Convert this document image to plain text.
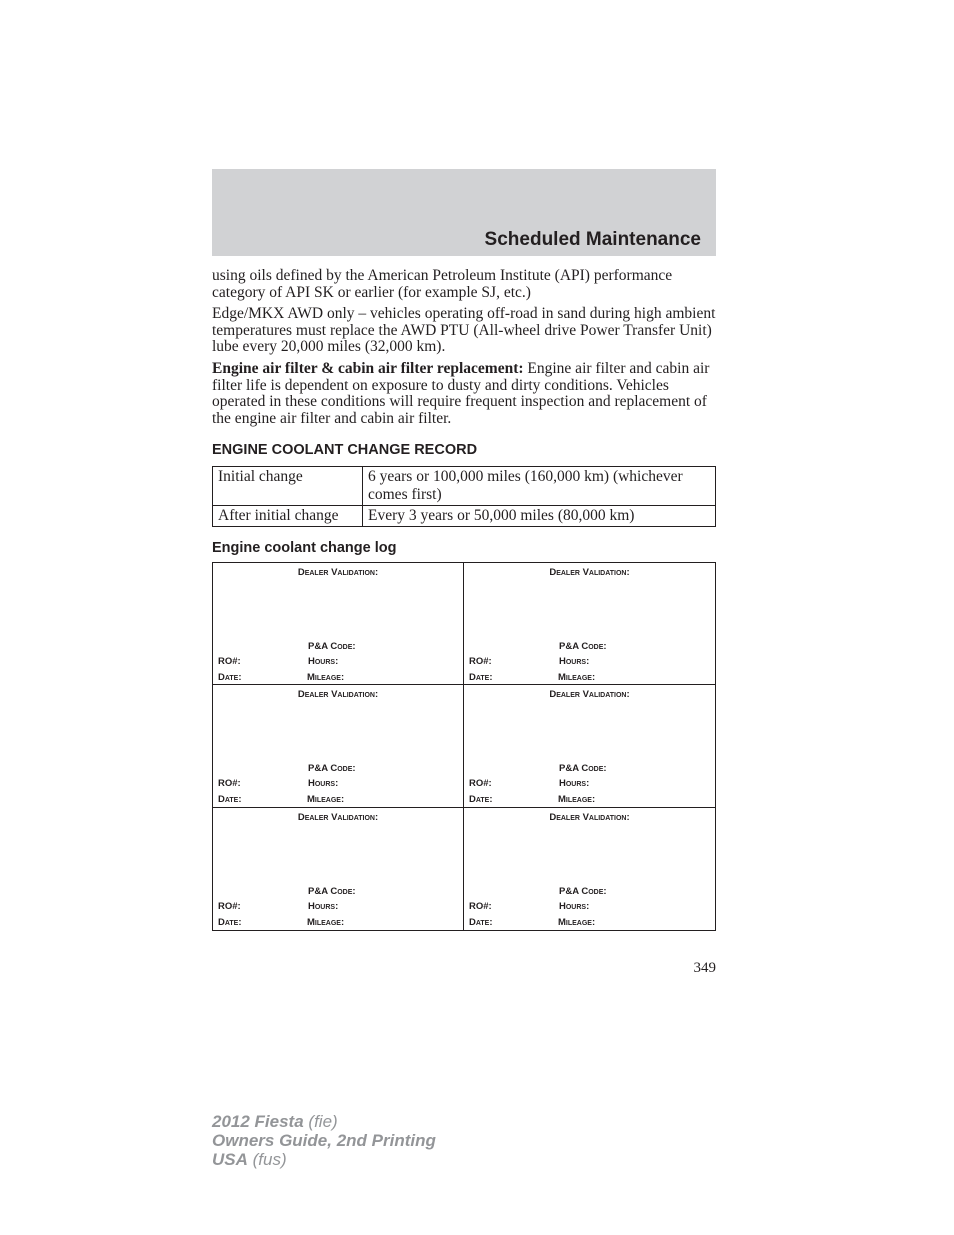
Scheduled Maintenance

using oils defined by the American Petroleum Institute (API) performance category of API SK or earlier (for example SJ, etc.)

Edge/MKX AWD only – vehicles operating off-road in sand during high ambient temperatures must replace the AWD PTU (All-wheel drive Power Transfer Unit) lube every 20,000 miles (32,000 km).

Engine air filter & cabin air filter replacement: Engine air filter and cabin air filter life is dependent on exposure to dusty and dirty conditions. Vehicles operated in these conditions will require frequent inspection and replacement of the engine air filter and cabin air filter.

ENGINE COOLANT CHANGE RECORD
Initial change	6 years or 100,000 miles (160,000 km) (whichever comes first)
After initial change	Every 3 years or 50,000 miles (80,000 km)
Engine coolant change log
Dealer Validation:
P&A Code:
RO#:	Hours:
Date:	Mileage:
Dealer Validation:
P&A Code:
RO#:	Hours:
Date:	Mileage:
Dealer Validation:
P&A Code:
RO#:	Hours:
Date:	Mileage:
Dealer Validation:
P&A Code:
RO#:	Hours:
Date:	Mileage:
Dealer Validation:
P&A Code:
RO#:	Hours:
Date:	Mileage:
Dealer Validation:
P&A Code:
RO#:	Hours:
Date:	Mileage:
349
2012 Fiesta (fie)
Owners Guide, 2nd Printing
USA (fus)
